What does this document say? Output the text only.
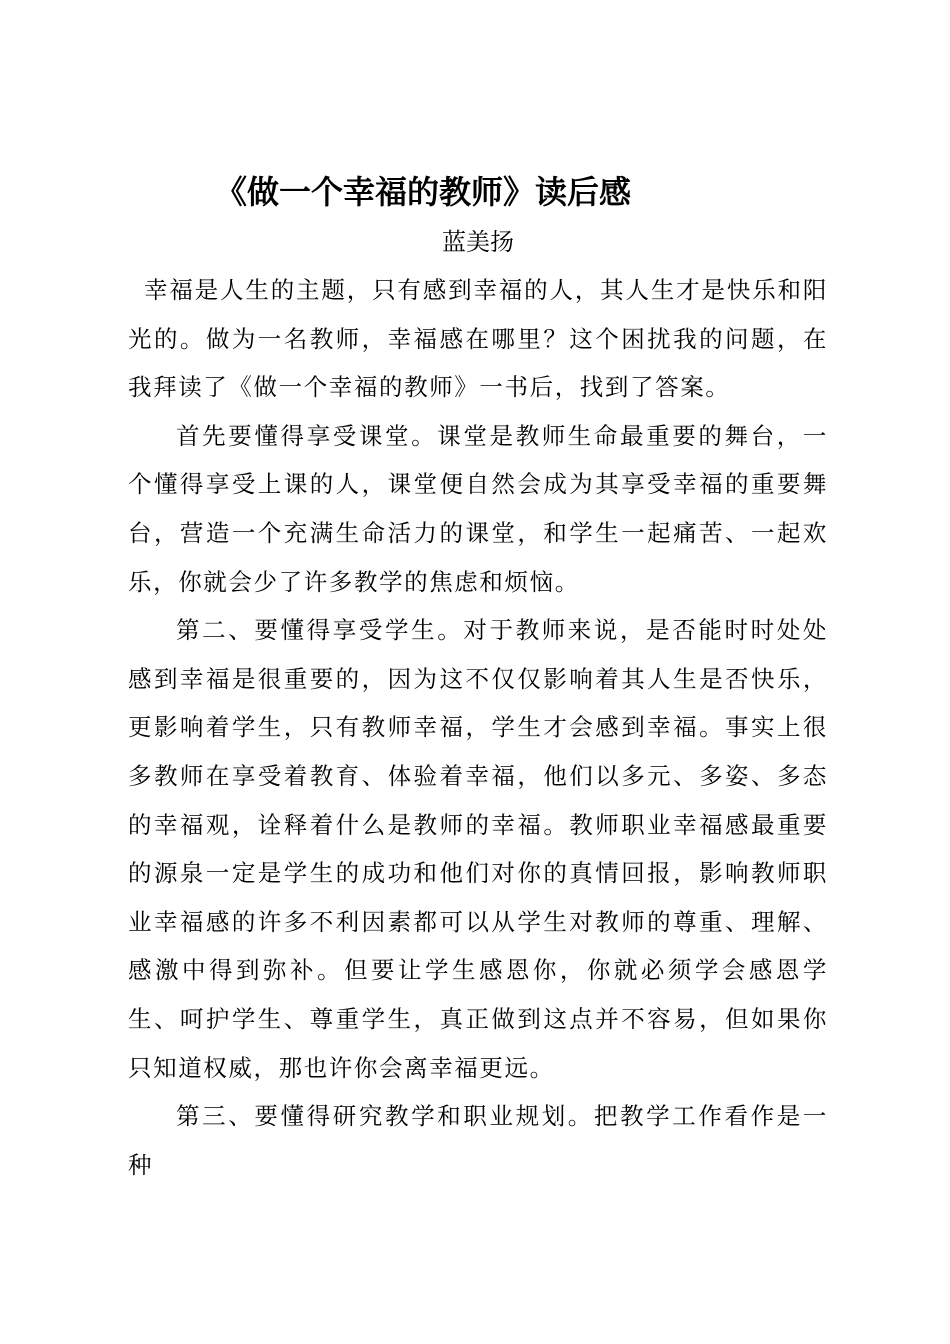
《做一个幸福的教师》读后感
蓝美扬

幸福是人生的主题，只有感到幸福的人，其人生才是快乐和阳光的。做为一名教师，幸福感在哪里？这个困扰我的问题，在我拜读了《做一个幸福的教师》一书后，找到了答案。

首先要懂得享受课堂。课堂是教师生命最重要的舞台，一个懂得享受上课的人，课堂便自然会成为其享受幸福的重要舞台，营造一个充满生命活力的课堂，和学生一起痛苦、一起欢乐，你就会少了许多教学的焦虑和烦恼。

第二、要懂得享受学生。对于教师来说，是否能时时处处感到幸福是很重要的，因为这不仅仅影响着其人生是否快乐，更影响着学生，只有教师幸福，学生才会感到幸福。事实上很多教师在享受着教育、体验着幸福，他们以多元、多姿、多态的幸福观，诠释着什么是教师的幸福。教师职业幸福感最重要的源泉一定是学生的成功和他们对你的真情回报，影响教师职业幸福感的许多不利因素都可以从学生对教师的尊重、理解、感激中得到弥补。但要让学生感恩你，你就必须学会感恩学生、呵护学生、尊重学生，真正做到这点并不容易，但如果你只知道权威，那也许你会离幸福更远。

第三、要懂得研究教学和职业规划。把教学工作看作是一种
